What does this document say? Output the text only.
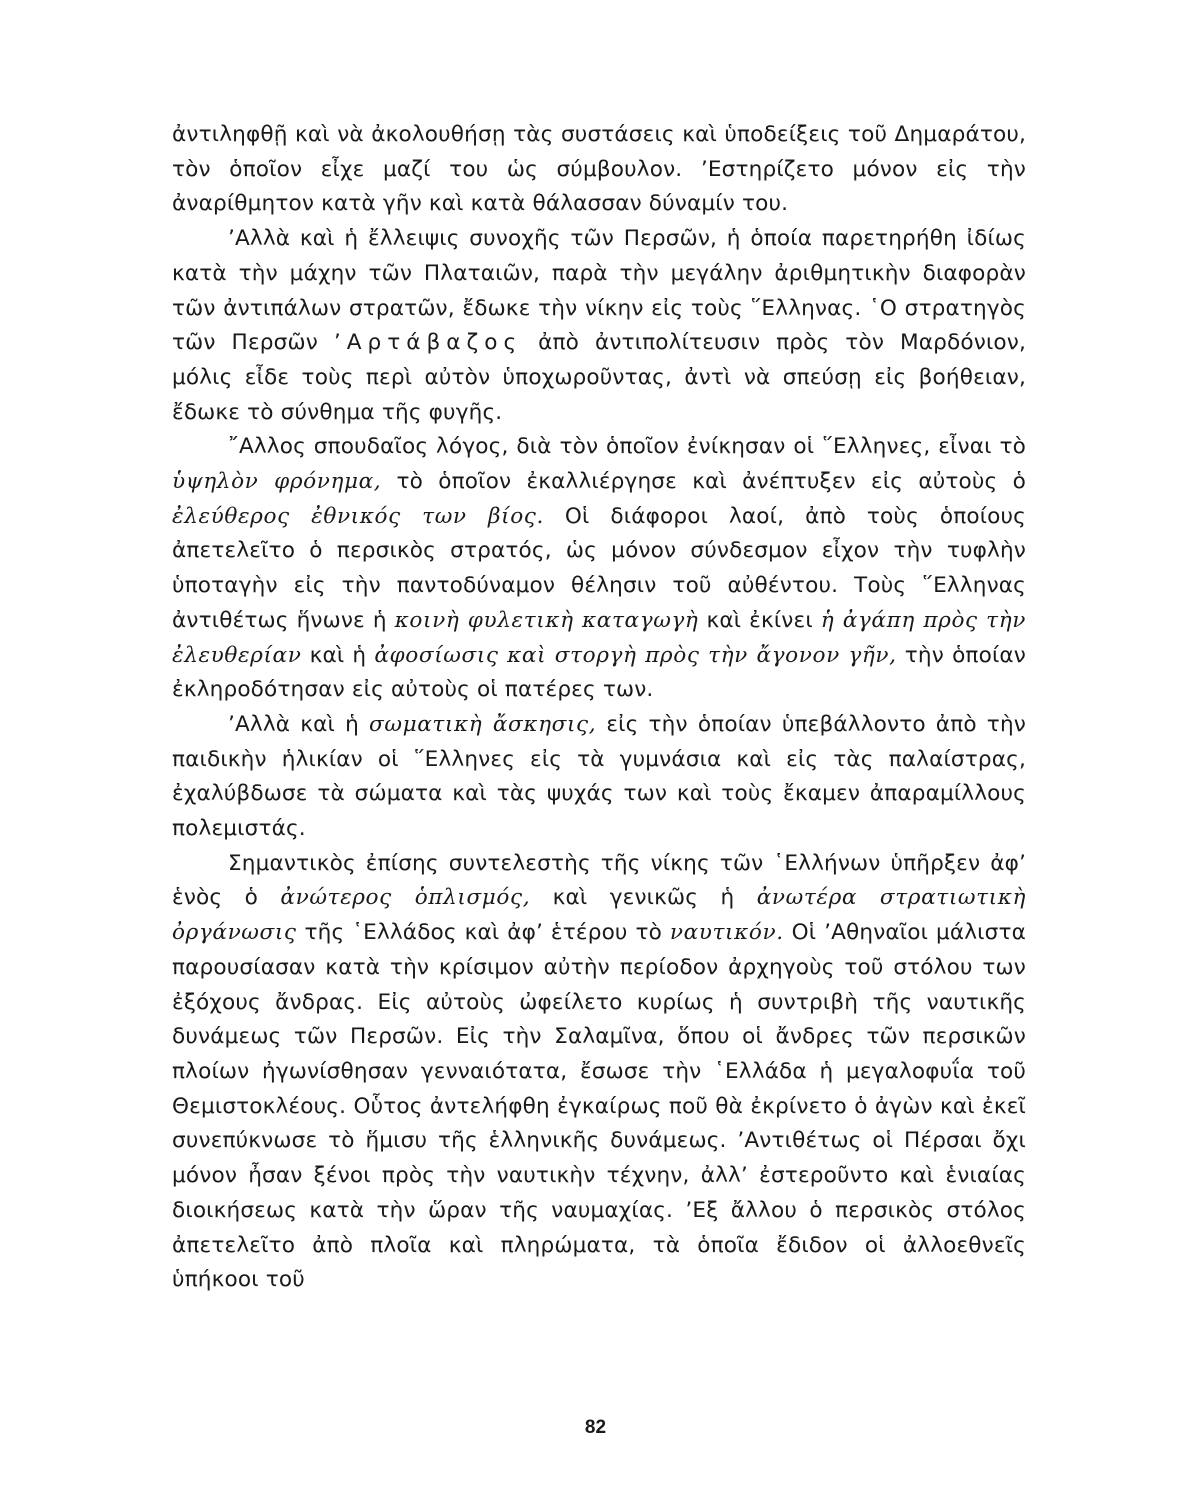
ἀντιληφθῇ καὶ νὰ ἀκολουθήσῃ τὰς συστάσεις καὶ ὑποδείξεις τοῦ Δημαράτου, τὸν ὁποῖον εἶχε μαζί του ὡς σύμβουλον. ’Εστηρίζετο μόνον εἰς τὴν ἀναρίθμητον κατὰ γῆν καὶ κατὰ θάλασσαν δύναμίν του.

’Αλλὰ καὶ ἡ ἔλλειψις συνοχῆς τῶν Περσῶν, ἡ ὁποία παρετηρήθη ἰδίως κατὰ τὴν μάχην τῶν Πλαταιῶν, παρὰ τὴν μεγάλην ἀριθμητικὴν διαφορὰν τῶν ἀντιπάλων στρατῶν, ἔδωκε τὴν νίκην εἰς τοὺς ῞Ελληνας. ῾Ο στρατηγὸς τῶν Περσῶν ’Αρτάβαζος ἀπὸ ἀντιπολίτευσιν πρὸς τὸν Μαρδόνιον, μόλις εἶδε τοὺς περὶ αὐτὸν ὑποχωροῦντας, ἀντὶ νὰ σπεύσῃ εἰς βοήθειαν, ἔδωκε τὸ σύνθημα τῆς φυγῆς.

῎Αλλος σπουδαῖος λόγος, διὰ τὸν ὁποῖον ἐνίκησαν οἱ ῞Ελληνες, εἶναι τὸ ὑψηλὸν φρόνημα, τὸ ὁποῖον ἐκαλλιέργησε καὶ ἀνέπτυξεν εἰς αὐτοὺς ὁ ἐλεύθερος ἐθνικός των βίος. Οἱ διάφοροι λαοί, ἀπὸ τοὺς ὁποίους ἀπετελεῖτο ὁ περσικὸς στρατός, ὡς μόνον σύνδεσμον εἶχον τὴν τυφλὴν ὑποταγὴν εἰς τὴν παντοδύναμον θέλησιν τοῦ αὐθέντου. Τοὺς ῞Ελληνας ἀντιθέτως ἥνωνε ἡ κοινὴ φυλετικὴ καταγωγὴ καὶ ἐκίνει ἡ ἀγάπη πρὸς τὴν ἐλευθερίαν καὶ ἡ ἀφοσίωσις καὶ στοργὴ πρὸς τὴν ἄγονον γῆν, τὴν ὁποίαν ἐκληροδότησαν εἰς αὐτοὺς οἱ πατέρες των.

’Αλλὰ καὶ ἡ σωματικὴ ἄσκησις, εἰς τὴν ὁποίαν ὑπεβάλλοντο ἀπὸ τὴν παιδικὴν ἡλικίαν οἱ ῞Ελληνες εἰς τὰ γυμνάσια καὶ εἰς τὰς παλαίστρας, ἐχαλύβδωσε τὰ σώματα καὶ τὰς ψυχάς των καὶ τοὺς ἔκαμεν ἀπαραμίλλους πολεμιστάς.

Σημαντικὸς ἐπίσης συντελεστὴς τῆς νίκης τῶν ῾Ελλήνων ὑπῆρξεν ἀφ’ ἑνὸς ὁ ἀνώτερος ὁπλισμός, καὶ γενικῶς ἡ ἀνωτέρα στρατιωτικὴ ὀργάνωσις τῆς ῾Ελλάδος καὶ ἀφ’ ἑτέρου τὸ ναυτικόν. Οἱ ’Αθηναῖοι μάλιστα παρουσίασαν κατὰ τὴν κρίσιμον αὐτὴν περίοδον ἀρχηγοὺς τοῦ στόλου των ἐξόχους ἄνδρας. Εἰς αὐτοὺς ὠφείλετο κυρίως ἡ συντριβὴ τῆς ναυτικῆς δυνάμεως τῶν Περσῶν. Εἰς τὴν Σαλαμῖνα, ὅπου οἱ ἄνδρες τῶν περσικῶν πλοίων ἠγωνίσθησαν γενναιότατα, ἔσωσε τὴν ῾Ελλάδα ἡ μεγαλοφυΐα τοῦ Θεμιστοκλέους. Οὗτος ἀντελήφθη ἐγκαίρως ποῦ θὰ ἐκρίνετο ὁ ἀγὼν καὶ ἐκεῖ συνεπύκνωσε τὸ ἥμισυ τῆς ἑλληνικῆς δυνάμεως. ’Αντιθέτως οἱ Πέρσαι ὄχι μόνον ἦσαν ξένοι πρὸς τὴν ναυτικὴν τέχνην, ἀλλ’ ἐστεροῦντο καὶ ἑνιαίας διοικήσεως κατὰ τὴν ὥραν τῆς ναυμαχίας. ’Εξ ἄλλου ὁ περσικὸς στόλος ἀπετελεῖτο ἀπὸ πλοῖα καὶ πληρώματα, τὰ ὁποῖα ἔδιδον οἱ ἀλλοεθνεῖς ὑπήκοοι τοῦ

82
